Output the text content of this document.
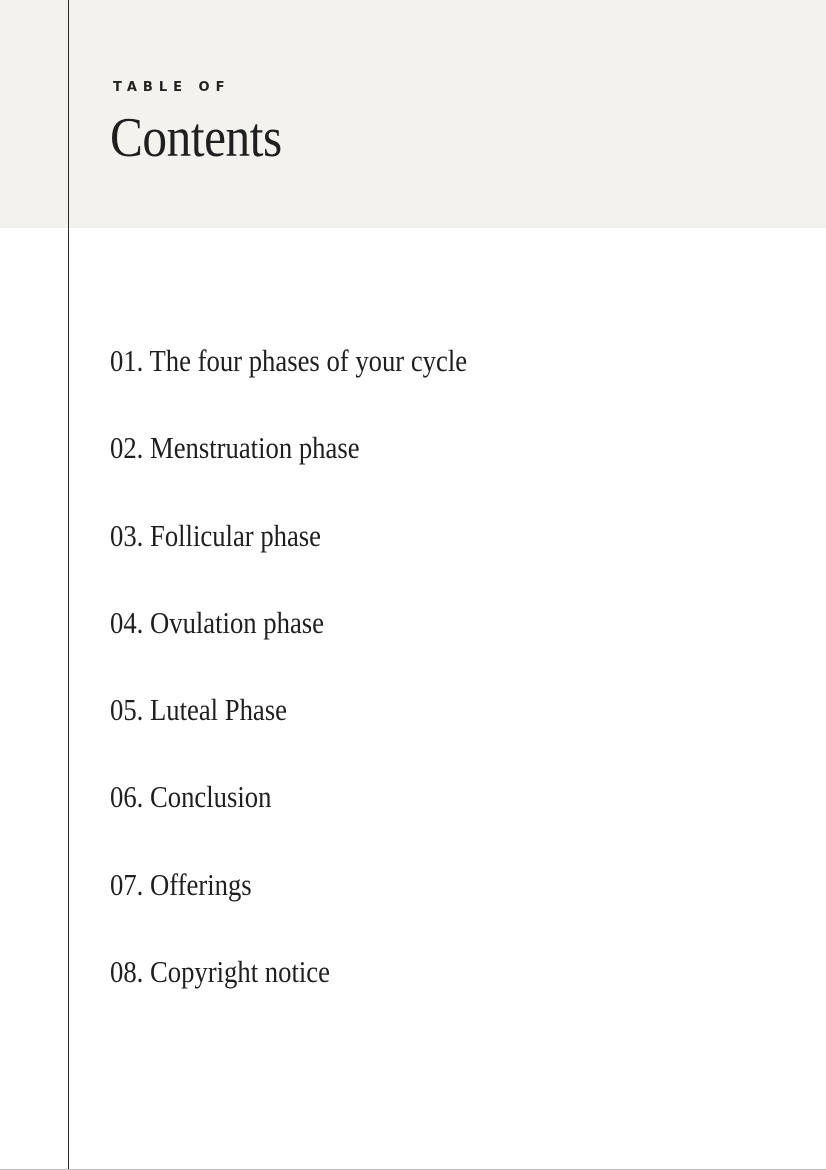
TABLE OF
Contents
01. The four phases of your cycle
02. Menstruation phase
03. Follicular phase
04. Ovulation phase
05. Luteal Phase
06. Conclusion
07. Offerings
08. Copyright notice
